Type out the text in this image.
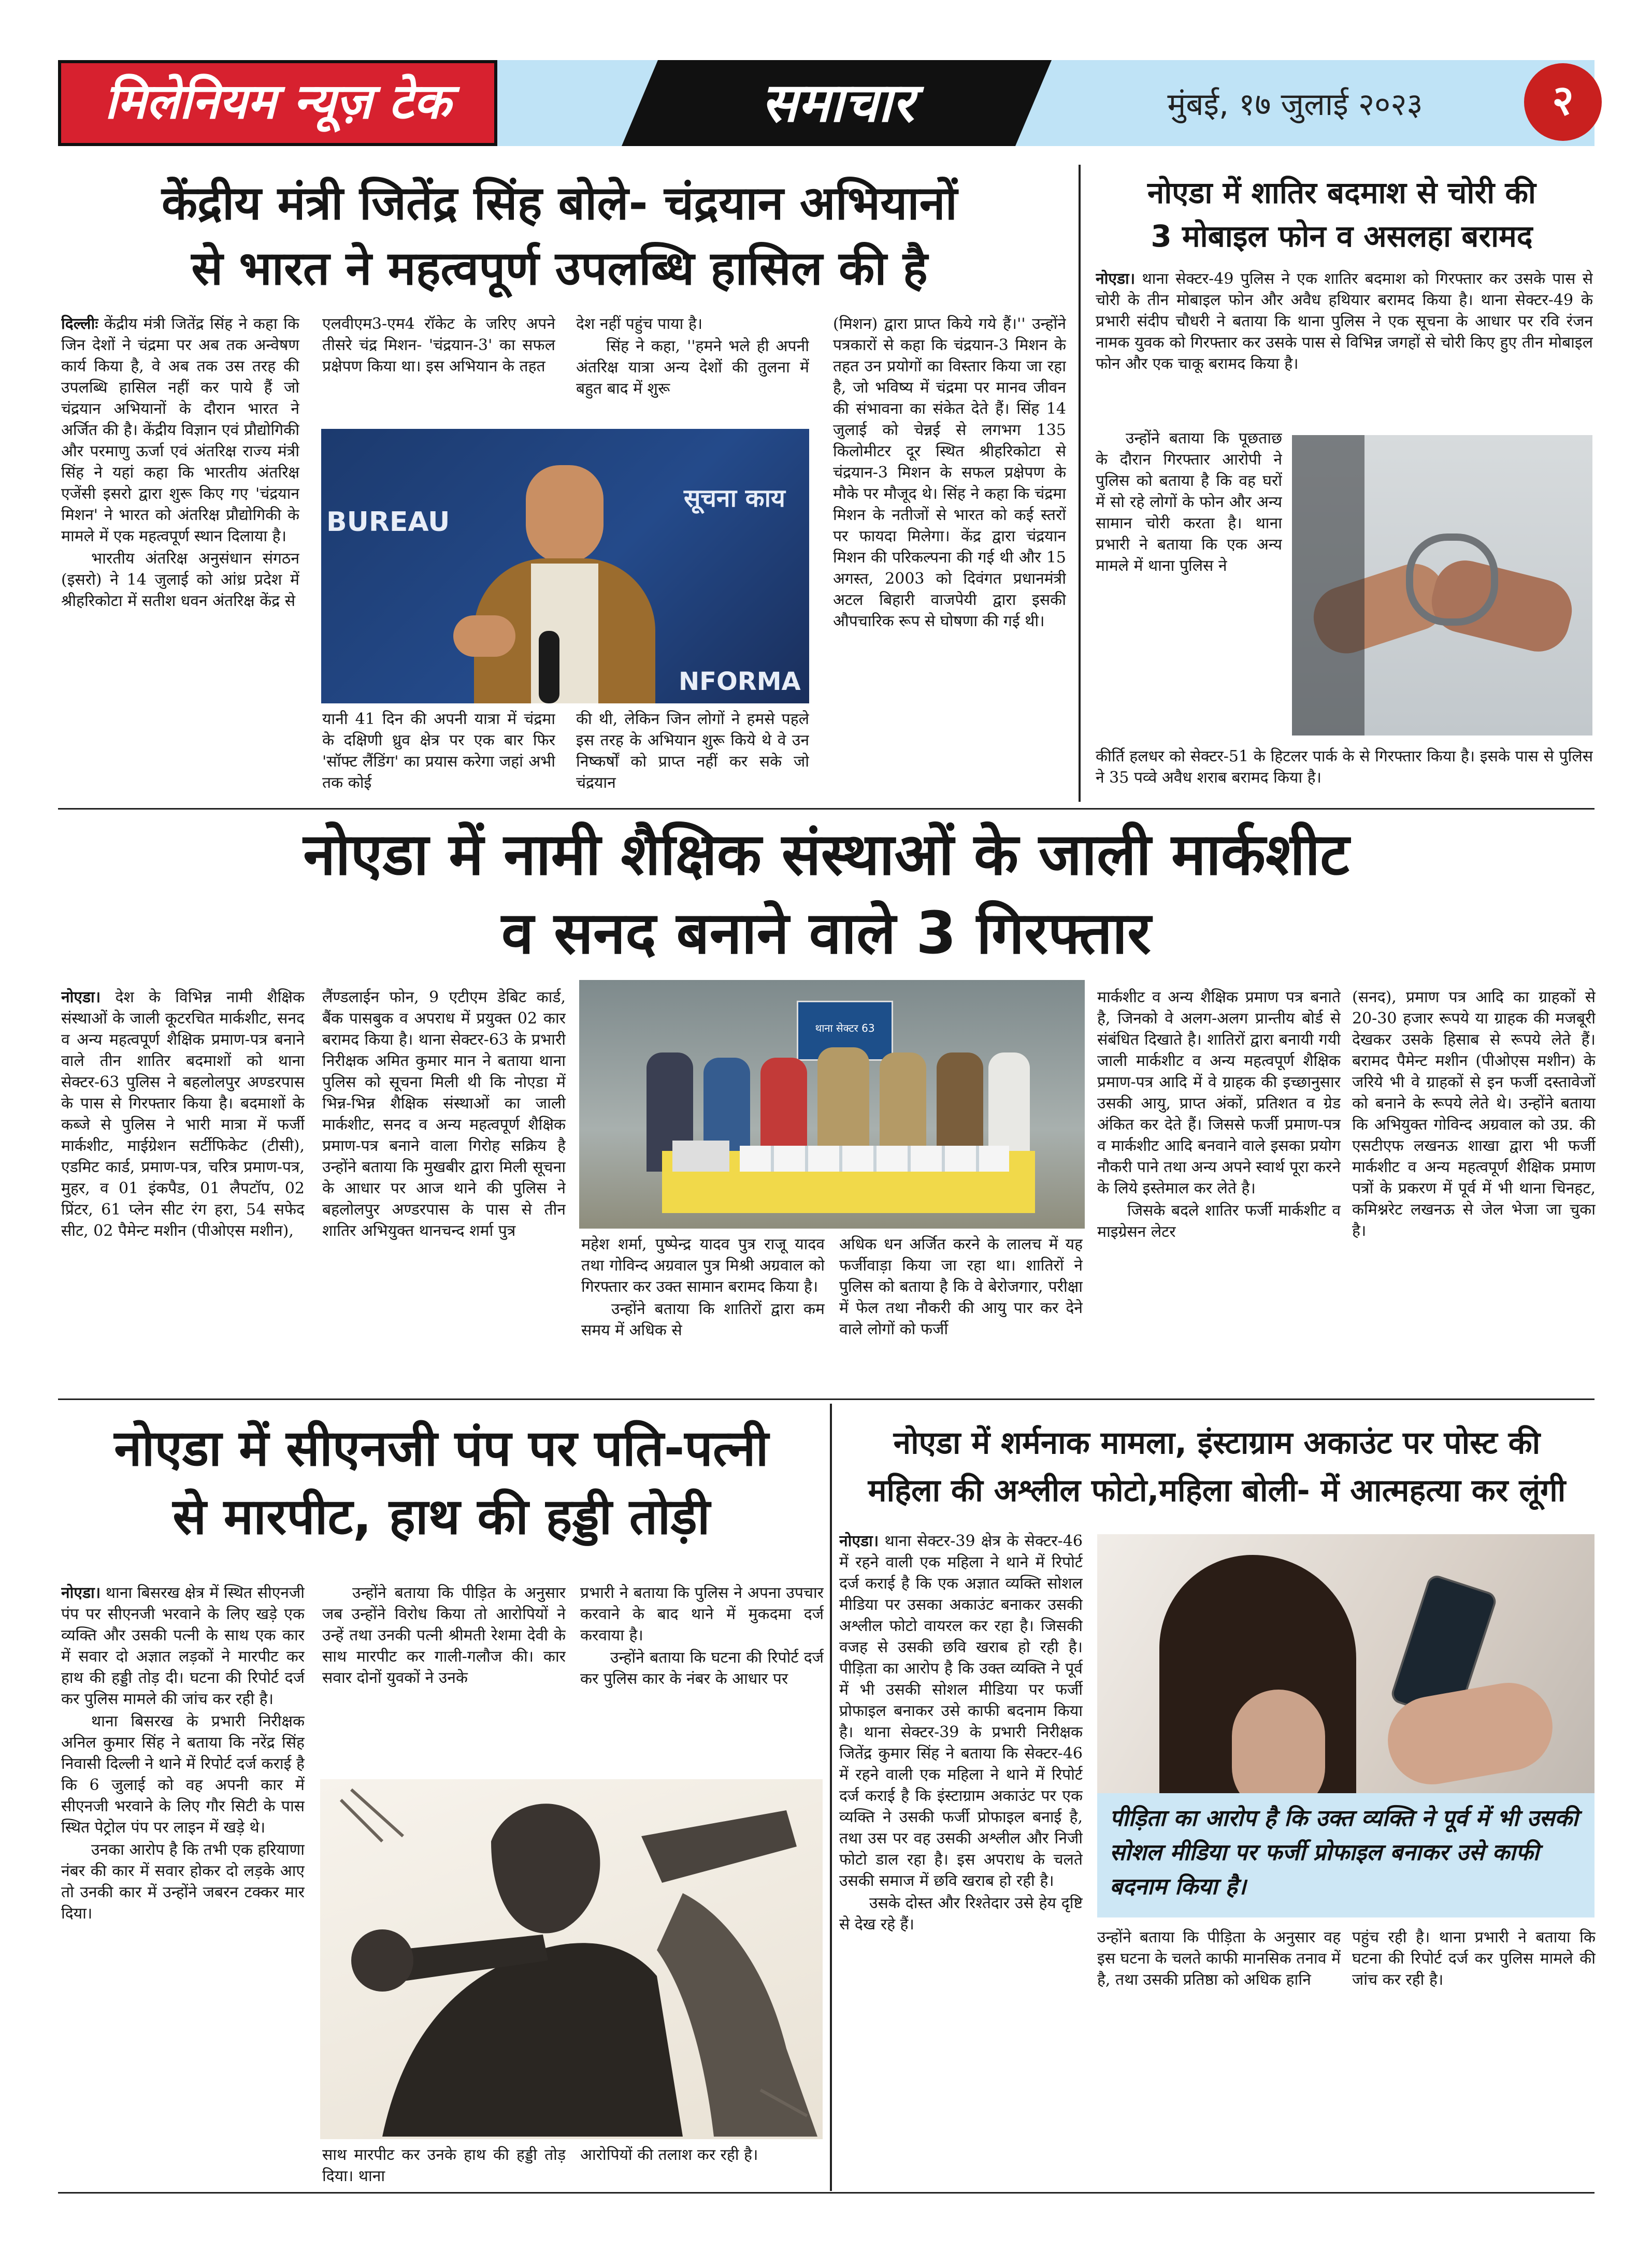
मिलेनियम न्यूज़ टेक	समाचार	मुंबई, १७ जुलाई २०२३	२
केंद्रीय मंत्री जितेंद्र सिंह बोले- चंद्रयान अभियानों
से भारत ने महत्वपूर्ण उपलब्धि हासिल की है

दिल्लीः केंद्रीय मंत्री जितेंद्र सिंह ने कहा कि जिन देशों ने चंद्रमा पर अब तक अन्वेषण कार्य किया है, वे अब तक उस तरह की उपलब्धि हासिल नहीं कर पाये हैं जो चंद्रयान अभियानों के दौरान भारत ने अर्जित की है। केंद्रीय विज्ञान एवं प्रौद्योगिकी और परमाणु ऊर्जा एवं अंतरिक्ष राज्य मंत्री सिंह ने यहां कहा कि भारतीय अंतरिक्ष एजेंसी इसरो द्वारा शुरू किए गए 'चंद्रयान मिशन' ने भारत को अंतरिक्ष प्रौद्योगिकी के मामले में एक महत्वपूर्ण स्थान दिलाया है।

भारतीय अंतरिक्ष अनुसंधान संगठन (इसरो) ने 14 जुलाई को आंध्र प्रदेश में श्रीहरिकोटा में सतीश धवन अंतरिक्ष केंद्र से

एलवीएम3-एम4 रॉकेट के जरिए अपने तीसरे चंद्र मिशन- 'चंद्रयान-3' का सफल प्रक्षेपण किया था। इस अभियान के तहत

देश नहीं पहुंच पाया है।

सिंह ने कहा, ''हमने भले ही अपनी अंतरिक्ष यात्रा अन्य देशों की तुलना में बहुत बाद में शुरू

BUREAU
सूचना काय
NFORMA

यानी 41 दिन की अपनी यात्रा में चंद्रमा के दक्षिणी ध्रुव क्षेत्र पर एक बार फिर 'सॉफ्ट लैंडिंग' का प्रयास करेगा जहां अभी तक कोई

की थी, लेकिन जिन लोगों ने हमसे पहले इस तरह के अभियान शुरू किये थे वे उन निष्कर्षों को प्राप्त नहीं कर सके जो चंद्रयान

(मिशन) द्वारा प्राप्त किये गये हैं।'' उन्होंने पत्रकारों से कहा कि चंद्रयान-3 मिशन के तहत उन प्रयोगों का विस्तार किया जा रहा है, जो भविष्य में चंद्रमा पर मानव जीवन की संभावना का संकेत देते हैं। सिंह 14 जुलाई को चेन्नई से लगभग 135 किलोमीटर दूर स्थित श्रीहरिकोटा से चंद्रयान-3 मिशन के सफल प्रक्षेपण के मौके पर मौजूद थे। सिंह ने कहा कि चंद्रमा मिशन के नतीजों से भारत को कई स्तरों पर फायदा मिलेगा। केंद्र द्वारा चंद्रयान मिशन की परिकल्पना की गई थी और 15 अगस्त, 2003 को दिवंगत प्रधानमंत्री अटल बिहारी वाजपेयी द्वारा इसकी औपचारिक रूप से घोषणा की गई थी।

नोएडा में शातिर बदमाश से चोरी की
3 मोबाइल फोन व असलहा बरामद

नोएडा। थाना सेक्टर-49 पुलिस ने एक शातिर बदमाश को गिरफ्तार कर उसके पास से चोरी के तीन मोबाइल फोन और अवैध हथियार बरामद किया है। थाना सेक्टर-49 के प्रभारी संदीप चौधरी ने बताया कि थाना पुलिस ने एक सूचना के आधार पर रवि रंजन नामक युवक को गिरफ्तार कर उसके पास से विभिन्न जगहों से चोरी किए हुए तीन मोबाइल फोन और एक चाकू बरामद किया है।

उन्होंने बताया कि पूछताछ के दौरान गिरफ्तार आरोपी ने पुलिस को बताया है कि वह घरों में सो रहे लोगों के फोन और अन्य सामान चोरी करता है। थाना प्रभारी ने बताया कि एक अन्य मामले में थाना पुलिस ने

कीर्ति हलधर को सेक्टर-51 के हिटलर पार्क के से गिरफ्तार किया है। इसके पास से पुलिस ने 35 पव्वे अवैध शराब बरामद किया है।

नोएडा में नामी शैक्षिक संस्थाओं के जाली मार्कशीट
व सनद बनाने वाले 3 गिरफ्तार

नोएडा। देश के विभिन्न नामी शैक्षिक संस्थाओं के जाली कूटरचित मार्कशीट, सनद व अन्य महत्वपूर्ण शैक्षिक प्रमाण-पत्र बनाने वाले तीन शातिर बदमाशों को थाना सेक्टर-63 पुलिस ने बहलोलपुर अण्डरपास के पास से गिरफ्तार किया है। बदमाशों के कब्जे से पुलिस ने भारी मात्रा में फर्जी मार्कशीट, माईग्रेशन सर्टीफिकेट (टीसी), एडमिट कार्ड, प्रमाण-पत्र, चरित्र प्रमाण-पत्र, मुहर, व 01 इंकपैड, 01 लैपटॉप, 02 प्रिंटर, 61 प्लेन सीट रंग हरा, 54 सफेद सीट, 02 पैमेन्ट मशीन (पीओएस मशीन),

लैंण्डलाईन फोन, 9 एटीएम डेबिट कार्ड, बैंक पासबुक व अपराध में प्रयुक्त 02 कार बरामद किया है। थाना सेक्टर-63 के प्रभारी निरीक्षक अमित कुमार मान ने बताया थाना पुलिस को सूचना मिली थी कि नोएडा में भिन्न-भिन्न शैक्षिक संस्थाओं का जाली मार्कशीट, सनद व अन्य महत्वपूर्ण शैक्षिक प्रमाण-पत्र बनाने वाला गिरोह सक्रिय है उन्होंने बताया कि मुखबीर द्वारा मिली सूचना के आधार पर आज थाने की पुलिस ने बहलोलपुर अण्डरपास के पास से तीन शातिर अभियुक्त थानचन्द शर्मा पुत्र

थाना सेक्टर 63

महेश शर्मा, पुष्पेन्द्र यादव पुत्र राजू यादव तथा गोविन्द अग्रवाल पुत्र मिश्री अग्रवाल को गिरफ्तार कर उक्त सामान बरामद किया है।

उन्होंने बताया कि शातिरों द्वारा कम समय में अधिक से

अधिक धन अर्जित करने के लालच में यह फर्जीवाड़ा किया जा रहा था। शातिरों ने पुलिस को बताया है कि वे बेरोजगार, परीक्षा में फेल तथा नौकरी की आयु पार कर देने वाले लोगों को फर्जी

मार्कशीट व अन्य शैक्षिक प्रमाण पत्र बनाते है, जिनको वे अलग-अलग प्रान्तीय बोर्ड से संबंधित दिखाते है। शातिरों द्वारा बनायी गयी जाली मार्कशीट व अन्य महत्वपूर्ण शैक्षिक प्रमाण-पत्र आदि में वे ग्राहक की इच्छानुसार उसकी आयु, प्राप्त अंकों, प्रतिशत व ग्रेड अंकित कर देते हैं। जिससे फर्जी प्रमाण-पत्र व मार्कशीट आदि बनवाने वाले इसका प्रयोग नौकरी पाने तथा अन्य अपने स्वार्थ पूरा करने के लिये इस्तेमाल कर लेते है।

जिसके बदले शातिर फर्जी मार्कशीट व माइग्रेसन लेटर

(सनद), प्रमाण पत्र आदि का ग्राहकों से 20-30 हजार रूपये या ग्राहक की मजबूरी देखकर उसके हिसाब से रूपये लेते हैं। बरामद पैमेन्ट मशीन (पीओएस मशीन) के जरिये भी वे ग्राहकों से इन फर्जी दस्तावेजों को बनाने के रूपये लेते थे। उन्होंने बताया कि अभियुक्त गोविन्द अग्रवाल को उप्र. की एसटीएफ लखनऊ शाखा द्वारा भी फर्जी मार्कशीट व अन्य महत्वपूर्ण शैक्षिक प्रमाण पत्रों के प्रकरण में पूर्व में भी थाना चिनहट, कमिश्नरेट लखनऊ से जेल भेजा जा चुका है।

नोएडा में सीएनजी पंप पर पति-पत्नी
से मारपीट, हाथ की हड्डी तोड़ी

नोएडा। थाना बिसरख क्षेत्र में स्थित सीएनजी पंप पर सीएनजी भरवाने के लिए खड़े एक व्यक्ति और उसकी पत्नी के साथ एक कार में सवार दो अज्ञात लड़कों ने मारपीट कर हाथ की हड्डी तोड़ दी। घटना की रिपोर्ट दर्ज कर पुलिस मामले की जांच कर रही है।

थाना बिसरख के प्रभारी निरीक्षक अनिल कुमार सिंह ने बताया कि नरेंद्र सिंह निवासी दिल्ली ने थाने में रिपोर्ट दर्ज कराई है कि 6 जुलाई को वह अपनी कार में सीएनजी भरवाने के लिए गौर सिटी के पास स्थित पेट्रोल पंप पर लाइन में खड़े थे।

उनका आरोप है कि तभी एक हरियाणा नंबर की कार में सवार होकर दो लड़के आए तो उनकी कार में उन्होंने जबरन टक्कर मार दिया।

उन्होंने बताया कि पीड़ित के अनुसार जब उन्होंने विरोध किया तो आरोपियों ने उन्हें तथा उनकी पत्नी श्रीमती रेशमा देवी के साथ मारपीट कर गाली-गलौज की। कार सवार दोनों युवकों ने उनके

प्रभारी ने बताया कि पुलिस ने अपना उपचार करवाने के बाद थाने में मुकदमा दर्ज करवाया है।

उन्होंने बताया कि घटना की रिपोर्ट दर्ज कर पुलिस कार के नंबर के आधार पर

साथ मारपीट कर उनके हाथ की हड्डी तोड़ दिया। थाना

आरोपियों की तलाश कर रही है।

नोएडा में शर्मनाक मामला, इंस्टाग्राम अकाउंट पर पोस्ट की
महिला की अश्लील फोटो,महिला बोली- में आत्महत्या कर लूंगी

नोएडा। थाना सेक्टर-39 क्षेत्र के सेक्टर-46 में रहने वाली एक महिला ने थाने में रिपोर्ट दर्ज कराई है कि एक अज्ञात व्यक्ति सोशल मीडिया पर उसका अकाउंट बनाकर उसकी अश्लील फोटो वायरल कर रहा है। जिसकी वजह से उसकी छवि खराब हो रही है। पीड़िता का आरोप है कि उक्त व्यक्ति ने पूर्व में भी उसकी सोशल मीडिया पर फर्जी प्रोफाइल बनाकर उसे काफी बदनाम किया है। थाना सेक्टर-39 के प्रभारी निरीक्षक जितेंद्र कुमार सिंह ने बताया कि सेक्टर-46 में रहने वाली एक महिला ने थाने में रिपोर्ट दर्ज कराई है कि इंस्टाग्राम अकाउंट पर एक व्यक्ति ने उसकी फर्जी प्रोफाइल बनाई है, तथा उस पर वह उसकी अश्लील और निजी फोटो डाल रहा है। इस अपराध के चलते उसकी समाज में छवि खराब हो रही है।

उसके दोस्त और रिश्तेदार उसे हेय दृष्टि से देख रहे हैं।

पीड़िता का आरोप है कि उक्त व्यक्ति ने पूर्व में भी उसकी सोशल मीडिया पर फर्जी प्रोफाइल बनाकर उसे काफी बदनाम किया है।

उन्होंने बताया कि पीड़िता के अनुसार वह इस घटना के चलते काफी मानसिक तनाव में है, तथा उसकी प्रतिष्ठा को अधिक हानि

पहुंच रही है। थाना प्रभारी ने बताया कि घटना की रिपोर्ट दर्ज कर पुलिस मामले की जांच कर रही है।
